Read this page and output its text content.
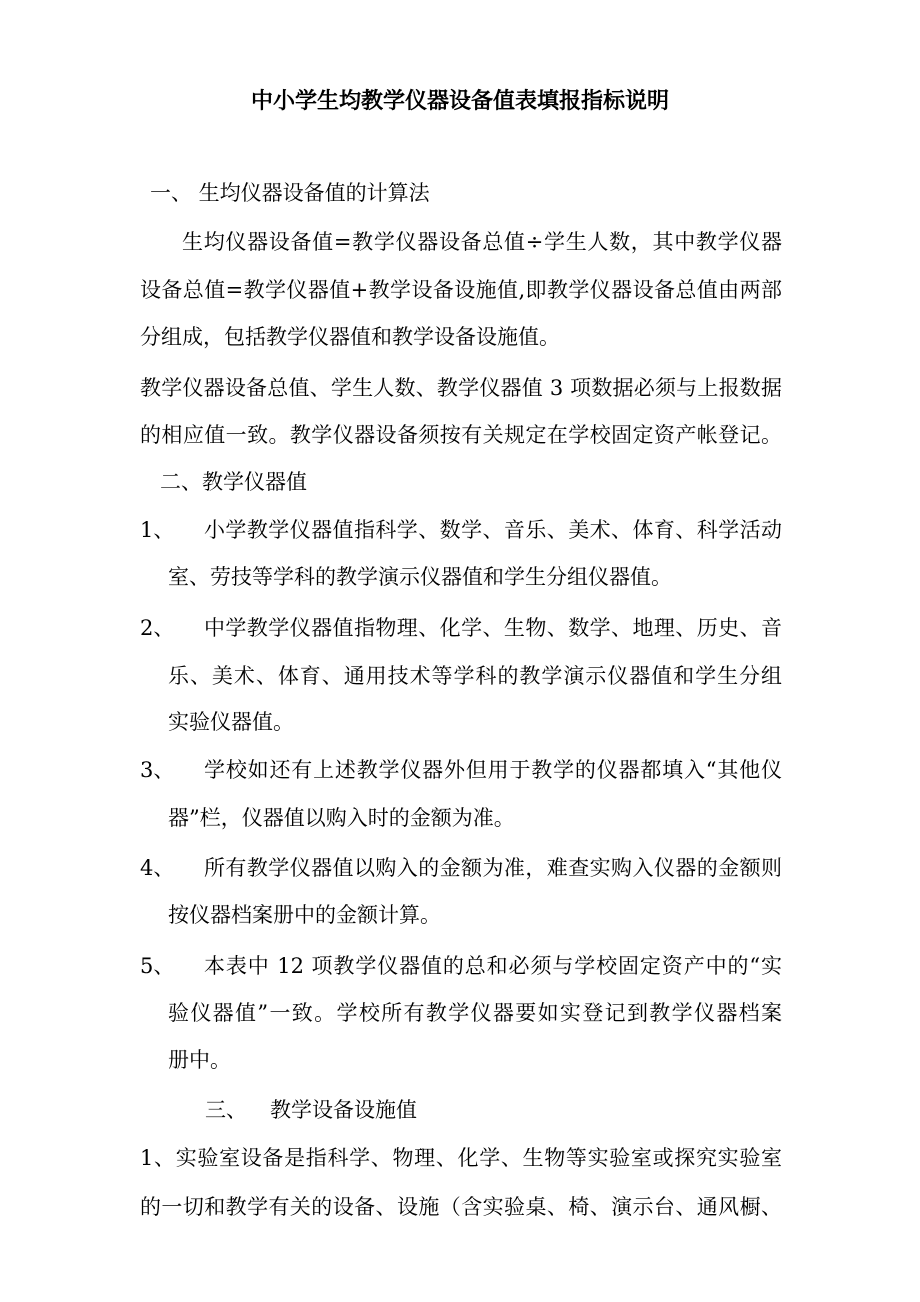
中小学生均教学仪器设备值表填报指标说明
一、 生均仪器设备值的计算法
生均仪器设备值=教学仪器设备总值÷学生人数，其中教学仪器
设备总值=教学仪器值+教学设备设施值,即教学仪器设备总值由两部
分组成，包括教学仪器值和教学设备设施值。
教学仪器设备总值、学生人数、教学仪器值 3 项数据必须与上报数据
的相应值一致。教学仪器设备须按有关规定在学校固定资产帐登记。
二、教学仪器值
1、 小学教学仪器值指科学、数学、音乐、美术、体育、科学活动
室、劳技等学科的教学演示仪器值和学生分组仪器值。
2、 中学教学仪器值指物理、化学、生物、数学、地理、历史、音
乐、美术、体育、通用技术等学科的教学演示仪器值和学生分组
实验仪器值。
3、 学校如还有上述教学仪器外但用于教学的仪器都填入“其他仪
器”栏，仪器值以购入时的金额为准。
4、 所有教学仪器值以购入的金额为准，难查实购入仪器的金额则
按仪器档案册中的金额计算。
5、 本表中 12 项教学仪器值的总和必须与学校固定资产中的“实
验仪器值”一致。学校所有教学仪器要如实登记到教学仪器档案
册中。
三、 教学设备设施值
1、实验室设备是指科学、物理、化学、生物等实验室或探究实验室
的一切和教学有关的设备、设施（含实验桌、椅、演示台、通风橱、
